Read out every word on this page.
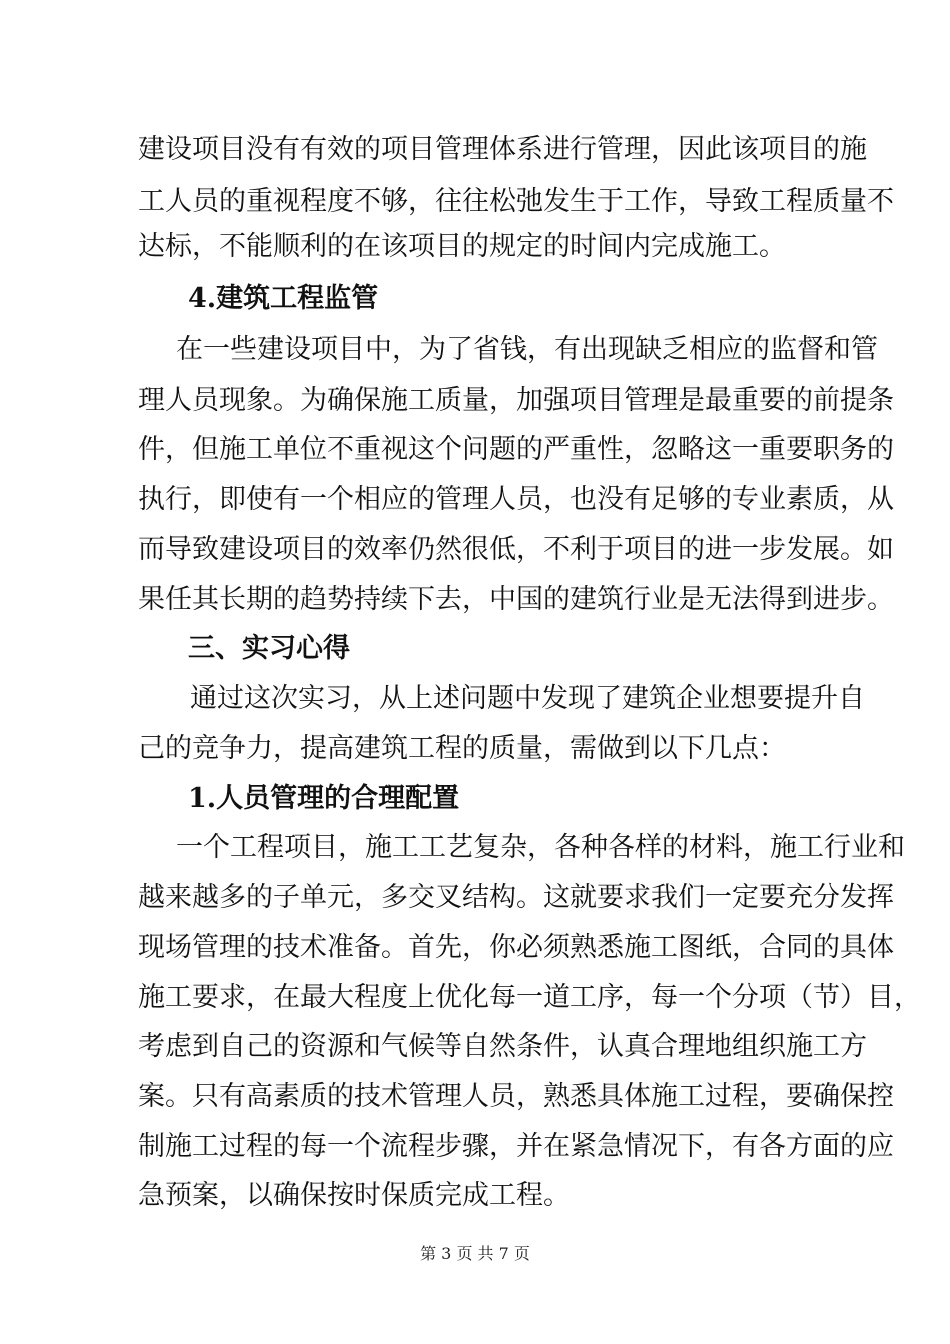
建设项目没有有效的项目管理体系进行管理，因此该项目的施
工人员的重视程度不够，往往松弛发生于工作，导致工程质量不
达标，不能顺利的在该项目的规定的时间内完成施工。
4.建筑工程监管
在一些建设项目中，为了省钱，有出现缺乏相应的监督和管
理人员现象。为确保施工质量，加强项目管理是最重要的前提条
件，但施工单位不重视这个问题的严重性，忽略这一重要职务的
执行，即使有一个相应的管理人员，也没有足够的专业素质，从
而导致建设项目的效率仍然很低，不利于项目的进一步发展。如
果任其长期的趋势持续下去，中国的建筑行业是无法得到进步。
三、实习心得
通过这次实习，从上述问题中发现了建筑企业想要提升自
己的竞争力，提高建筑工程的质量，需做到以下几点：
1.人员管理的合理配置
一个工程项目，施工工艺复杂，各种各样的材料，施工行业和
越来越多的子单元，多交叉结构。这就要求我们一定要充分发挥
现场管理的技术准备。首先，你必须熟悉施工图纸，合同的具体
施工要求，在最大程度上优化每一道工序，每一个分项（节）目，
考虑到自己的资源和气候等自然条件，认真合理地组织施工方
案。只有高素质的技术管理人员，熟悉具体施工过程，要确保控
制施工过程的每一个流程步骤，并在紧急情况下，有各方面的应
急预案，以确保按时保质完成工程。
第 3 页 共 7 页
